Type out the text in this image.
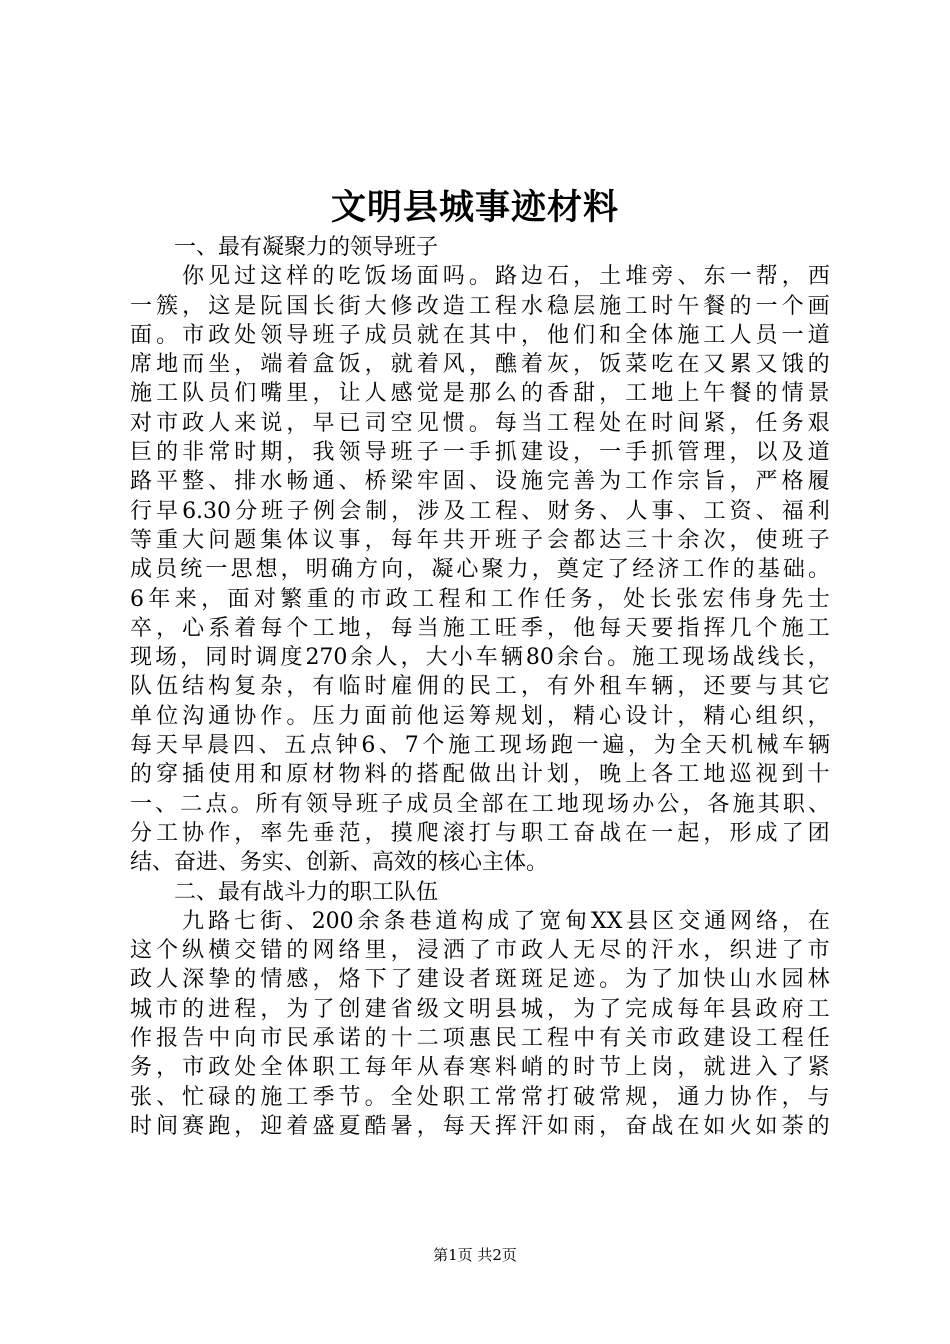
文明县城事迹材料
一、最有凝聚力的领导班子
你 见 过 这 样 的 吃 饭 场 面 吗 。 路 边 石 ， 土 堆 旁 、 东 一 帮 ， 西
一 簇 ， 这 是 阮 国 长 街 大 修 改 造 工 程 水 稳 层 施 工 时 午 餐 的 一 个 画
面 。 市 政 处 领 导 班 子 成 员 就 在 其 中 ， 他 们 和 全 体 施 工 人 员 一 道
席 地 而 坐 ， 端 着 盒 饭 ， 就 着 风 ， 醮 着 灰 ， 饭 菜 吃 在 又 累 又 饿 的
施 工 队 员 们 嘴 里 ， 让 人 感 觉 是 那 么 的 香 甜 ， 工 地 上 午 餐 的 情 景
对 市 政 人 来 说 ， 早 已 司 空 见 惯 。 每 当 工 程 处 在 时 间 紧 ， 任 务 艰
巨 的 非 常 时 期 ， 我 领 导 班 子 一 手 抓 建 设 ， 一 手 抓 管 理 ， 以 及 道
路 平 整 、 排 水 畅 通 、 桥 梁 牢 固 、 设 施 完 善 为 工 作 宗 旨 ， 严 格 履
行 早 6.30 分 班 子 例 会 制 ， 涉 及 工 程 、 财 务 、 人 事 、 工 资 、 福 利
等 重 大 问 题 集 体 议 事 ， 每 年 共 开 班 子 会 都 达 三 十 余 次 ， 使 班 子
成 员 统 一 思 想 ， 明 确 方 向 ， 凝 心 聚 力 ， 奠 定 了 经 济 工 作 的 基 础 。
6 年 来 ， 面 对 繁 重 的 市 政 工 程 和 工 作 任 务 ， 处 长 张 宏 伟 身 先 士
卒 ， 心 系 着 每 个 工 地 ， 每 当 施 工 旺 季 ， 他 每 天 要 指 挥 几 个 施 工
现 场 ， 同 时 调 度 270 余 人 ， 大 小 车 辆 80 余 台 。 施 工 现 场 战 线 长 ，
队 伍 结 构 复 杂 ， 有 临 时 雇 佣 的 民 工 ， 有 外 租 车 辆 ， 还 要 与 其 它
单 位 沟 通 协 作 。 压 力 面 前 他 运 筹 规 划 ， 精 心 设 计 ， 精 心 组 织 ，
每 天 早 晨 四 、 五 点 钟 6 、 7 个 施 工 现 场 跑 一 遍 ， 为 全 天 机 械 车 辆
的 穿 插 使 用 和 原 材 物 料 的 搭 配 做 出 计 划 ， 晚 上 各 工 地 巡 视 到 十
一 、 二 点 。 所 有 领 导 班 子 成 员 全 部 在 工 地 现 场 办 公 ， 各 施 其 职 、
分 工 协 作 ， 率 先 垂 范 ， 摸 爬 滚 打 与 职 工 奋 战 在 一 起 ， 形 成 了 团
结、奋进、务实、创新、高效的核心主体。
二、最有战斗力的职工队伍
九 路 七 街 、 200 余 条 巷 道 构 成 了 宽 甸 XX 县 区 交 通 网 络 ， 在
这 个 纵 横 交 错 的 网 络 里 ， 浸 洒 了 市 政 人 无 尽 的 汗 水 ， 织 进 了 市
政 人 深 挚 的 情 感 ， 烙 下 了 建 设 者 斑 斑 足 迹 。 为 了 加 快 山 水 园 林
城 市 的 进 程 ， 为 了 创 建 省 级 文 明 县 城 ， 为 了 完 成 每 年 县 政 府 工
作 报 告 中 向 市 民 承 诺 的 十 二 项 惠 民 工 程 中 有 关 市 政 建 设 工 程 任
务 ， 市 政 处 全 体 职 工 每 年 从 春 寒 料 峭 的 时 节 上 岗 ， 就 进 入 了 紧
张 、 忙 碌 的 施 工 季 节 。 全 处 职 工 常 常 打 破 常 规 ， 通 力 协 作 ， 与
时 间 赛 跑 ， 迎 着 盛 夏 酷 暑 ， 每 天 挥 汗 如 雨 ， 奋 战 在 如 火 如 荼 的
第1页 共2页
